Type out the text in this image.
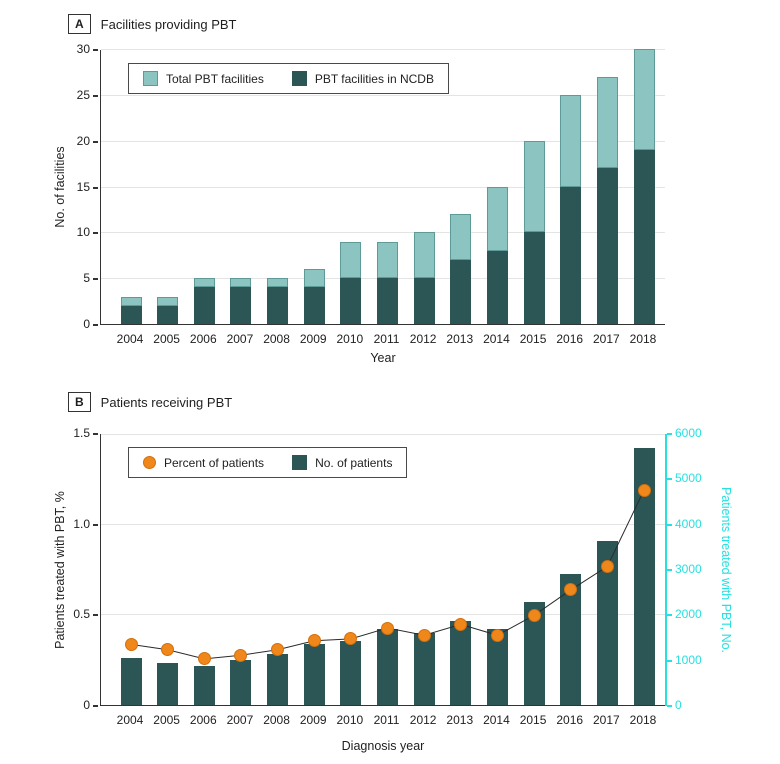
A	Facilities providing PBT
No. of facilities
Total PBT facilities	PBT facilities in NCDB
Year
B	Patients receiving PBT
Patients treated with PBT, %
Percent of patients	No. of patients
Patients treated with PBT, No.
Diagnosis year
0
5
10
15
20
25
30
2004 2005 2006 2007 2008 2009 2010 2011 2012 2013 2014 2015 2016 2017 2018
0
0.5
1.0
1.5
0
1000
2000
3000
4000
5000
6000
2004 2005 2006 2007 2008 2009 2010 2011 2012 2013 2014 2015 2016 2017 2018
